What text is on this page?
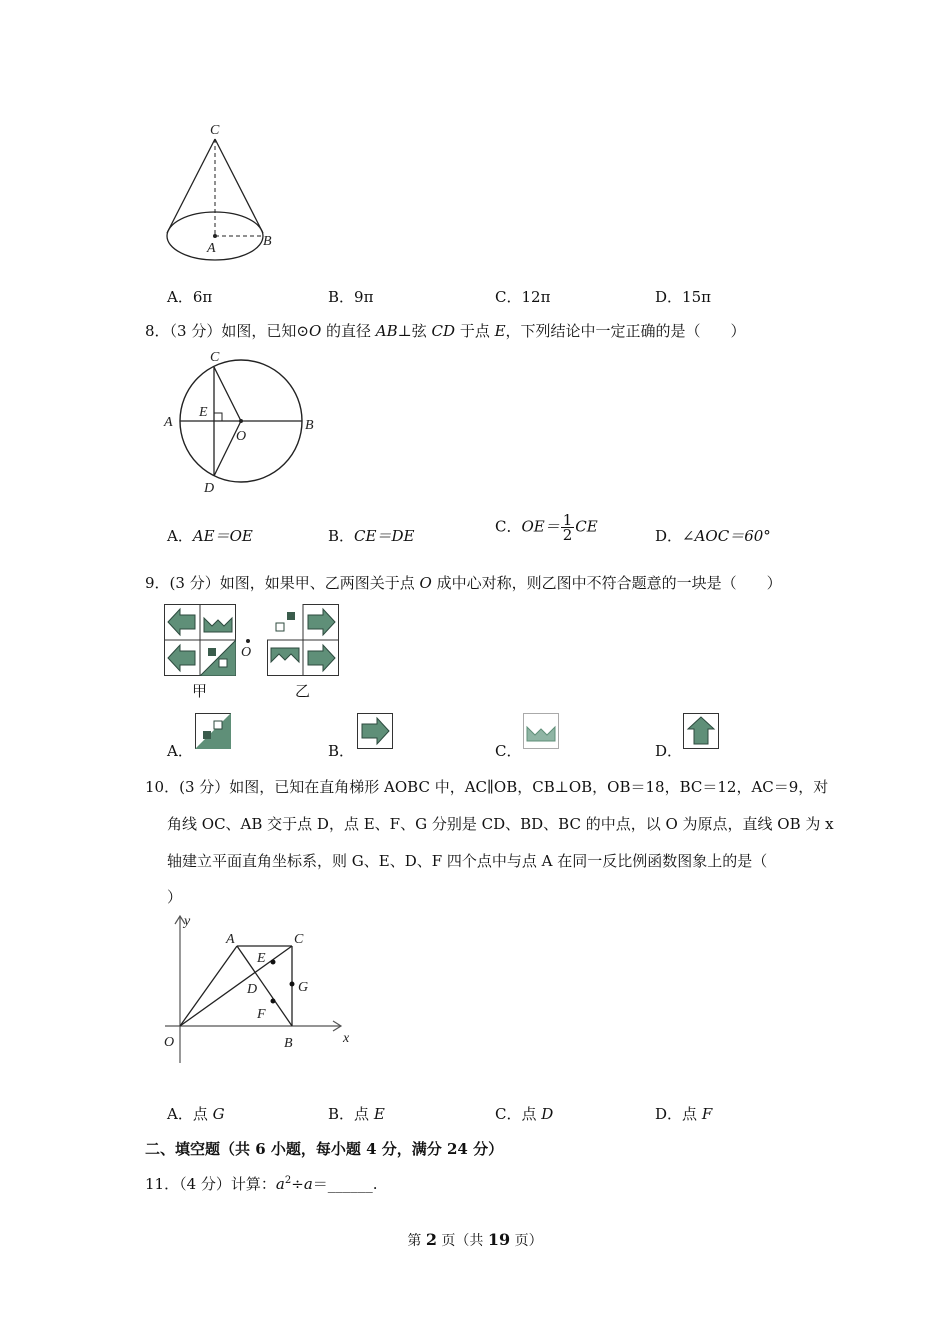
C
A	B
A．6π	B．9π	C．12π	D．15π
8．（3 分）如图，已知⊙O 的直径 AB⊥弦 CD 于点 E，下列结论中一定正确的是（　　）
C
E
A
O
B
D
A．AE＝OE	B．CE＝DE
C．$OE= \frac{1}{2}$ CE
D．∠AOC＝60°
9．(3 分）如图，如果甲、乙两图关于点 O 成中心对称，则乙图中不符合题意的一块是（　　）
O
甲	乙
A．	B．	C．	D．
10．(3 分）如图，已知在直角梯形 AOBC 中，AC∥OB，CB⊥OB，OB＝18，BC＝12，AC＝9，对
角线 OC、AB 交于点 D，点 E、F、G 分别是 CD、BD、BC 的中点，以 O 为原点，直线 OB 为 x
轴建立平面直角坐标系，则 G、E、D、F 四个点中与点 A 在同一反比例函数图象上的是（
）
y
x
A	C
E
D	G
F
O	B
A．点 G	B．点 E	C．点 D	D．点 F
二、填空题（共 6 小题，每小题 4 分，满分 24 分）
11．（4 分）计算：$a^2\div a=\_\_\_\_\_\_$.
第 2 页（共 19 页）
